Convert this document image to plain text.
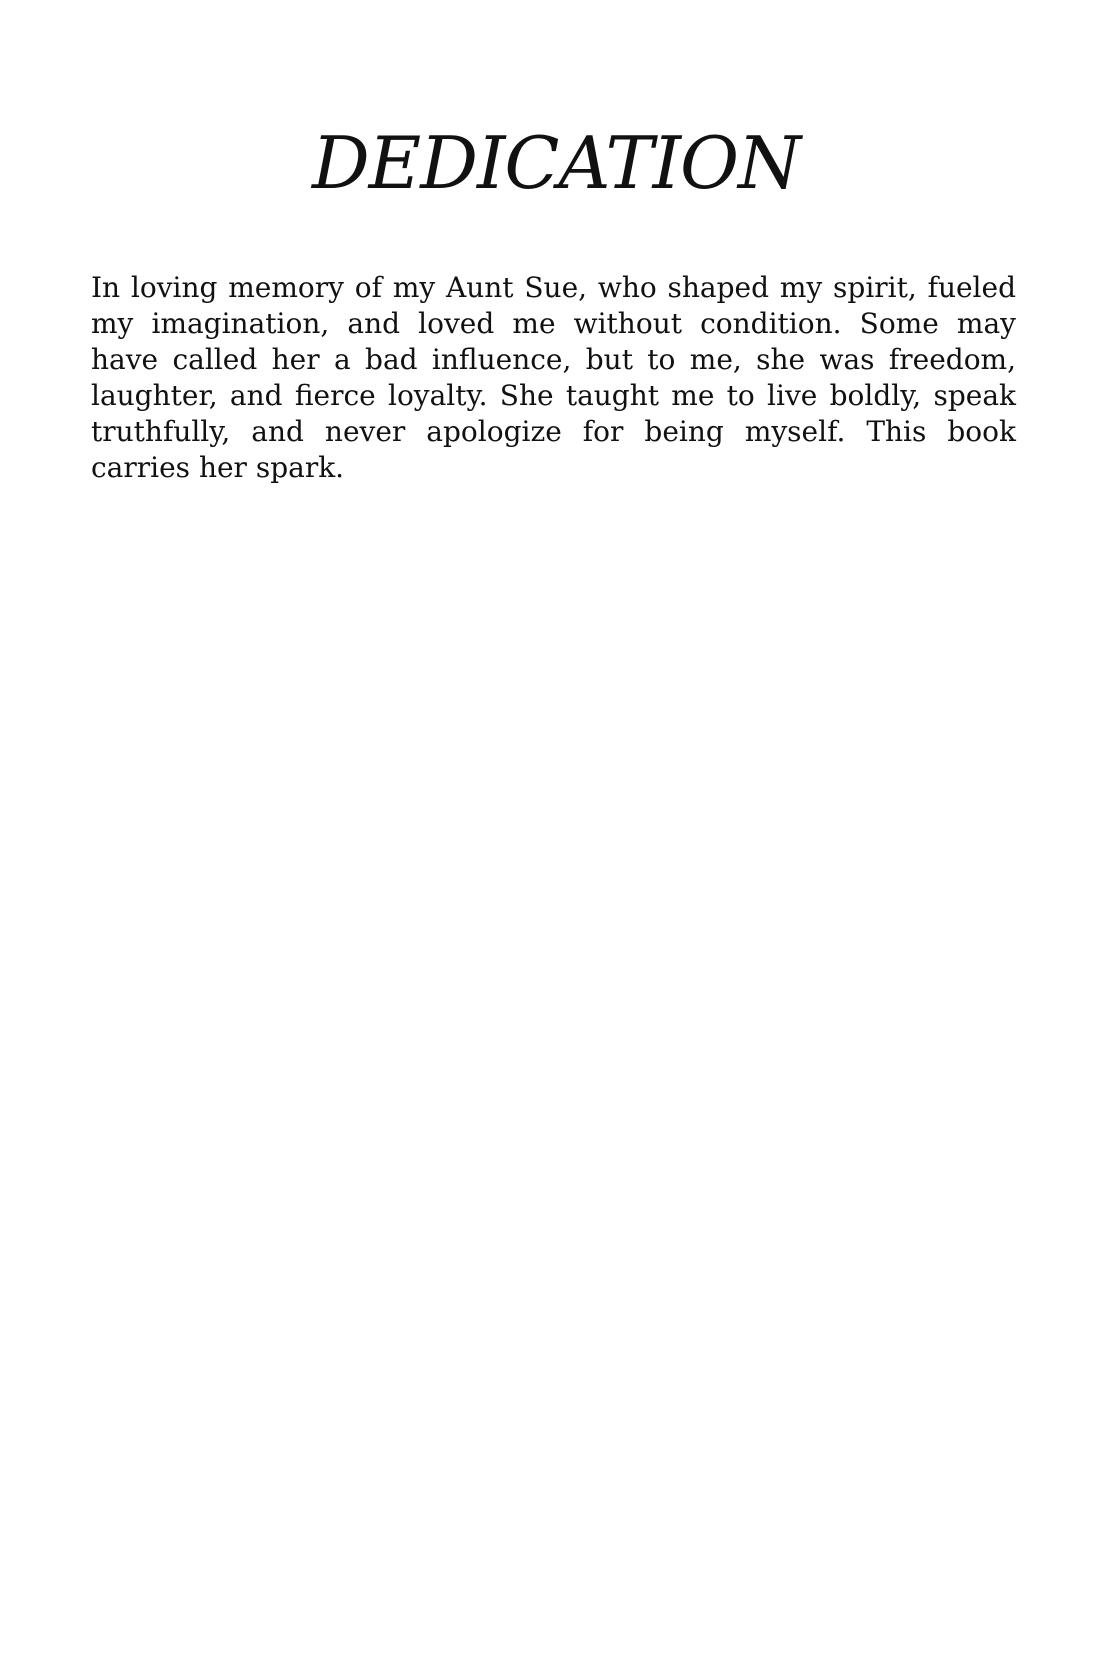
DEDICATION

In loving memory of my Aunt Sue, who shaped my spirit, fueled my imagination, and loved me without condition. Some may have called her a bad influence, but to me, she was freedom, laughter, and fierce loyalty. She taught me to live boldly, speak truthfully, and never apologize for being myself. This book carries her spark.
